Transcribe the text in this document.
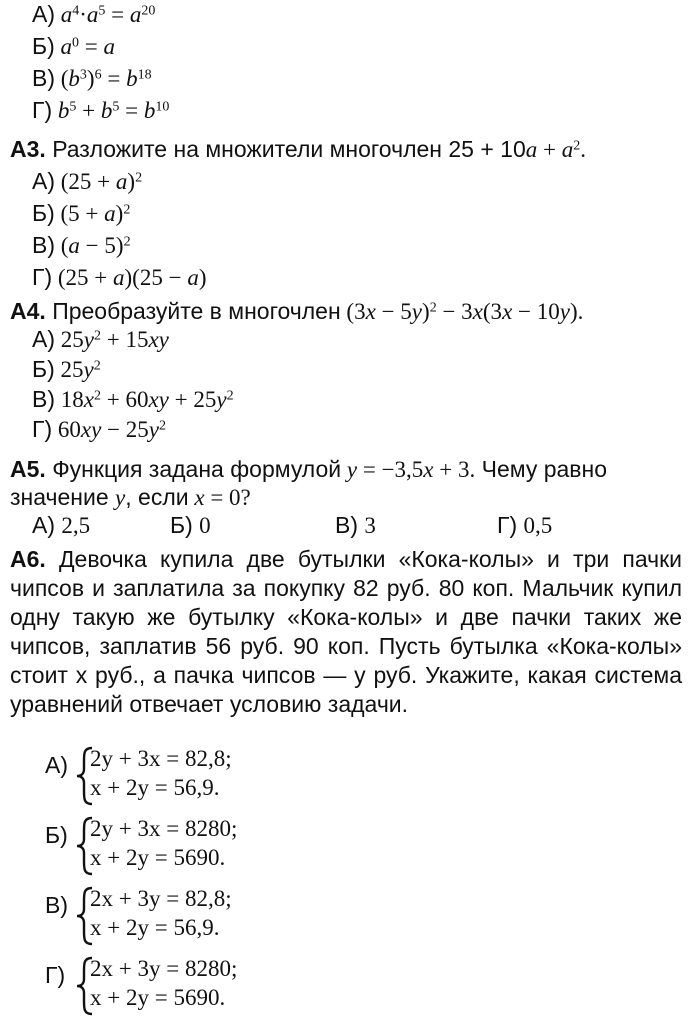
А) $a^4\cdot a^5 = a^{20}$
Б) $a^0 = a$
В) $(b^3)^6 = b^{18}$
Г) $b^5 + b^5 = b^{10}$
А3. Разложите на множители многочлен $25 + 10a + a^2$.
А) $(25 + a)^2$
Б) $(5 + a)^2$
В) $(a - 5)^2$
Г) (25 + a)(25 − a)
А4. Преобразуйте в многочлен $(3x - 5y)^2 - 3x(3x - 10y)$.
А) $25y^2 + 15xy$
Б) $25y^2$
В) $18x^2 + 60xy + 25y^2$
Г) $60xy - 25y^2$
А5. Функция задана формулой y = −3,5x + 3. Чему равно
значение y, если x = 0?
А) 2,5	Б) 0	В) 3	Г) 0,5
А6. Девочка купила две бутылки «Кока-колы» и три пачки чипсов и заплатила за покупку 82 руб. 80 коп. Мальчик купил одну такую же бутылку «Кока-колы» и две пачки таких же чипсов, заплатив 56 руб. 90 коп. Пусть бутылка «Кока-колы» стоит x руб., а пачка чипсов — y руб. Укажите, какая система уравнений отвечает условию задачи.
А) 2y + 3x = 82,8;
x + 2y = 56,9.
Б) 2y + 3x = 8280;
x + 2y = 5690.
В) 2x + 3y = 82,8;
x + 2y = 56,9.
Г) 2x + 3y = 8280;
x + 2y = 5690.
